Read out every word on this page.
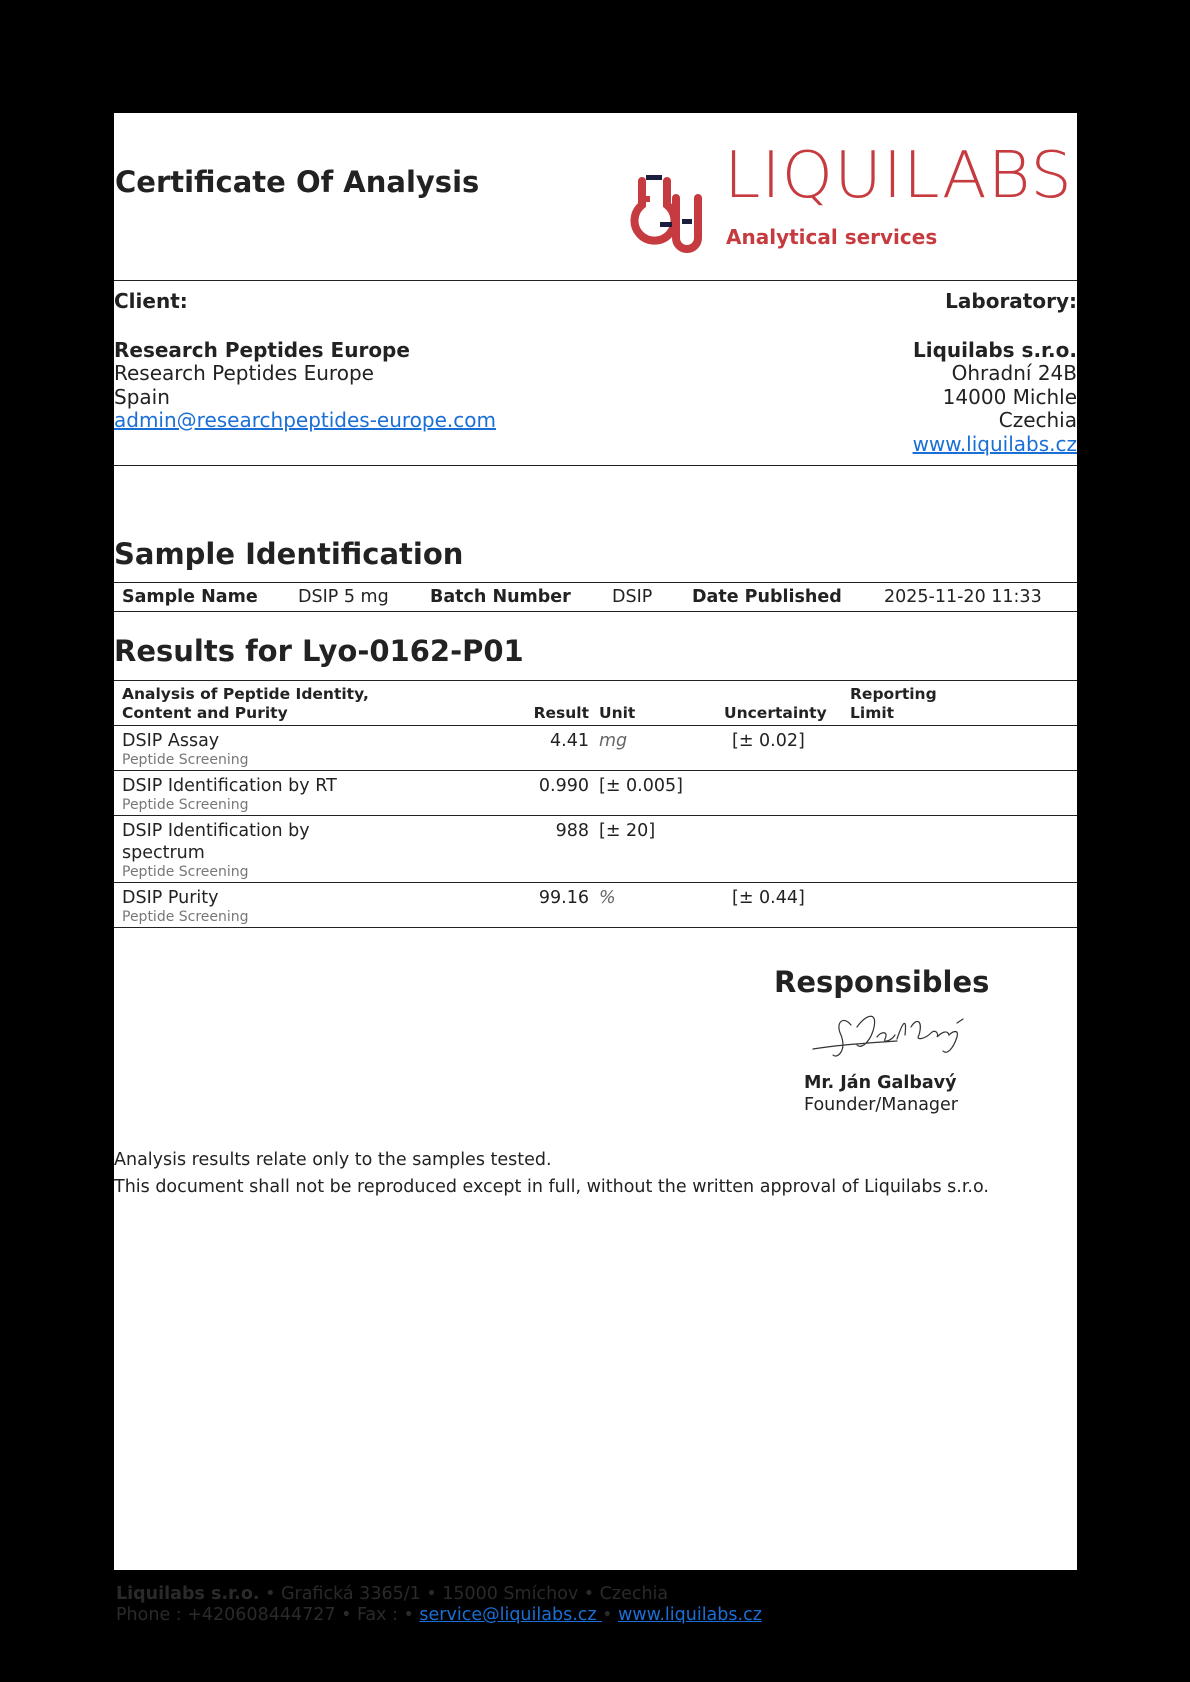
Certificate Of Analysis	LIQUILABS
Analytical services
Client:
Research Peptides Europe
Research Peptides Europe
Spain
admin@researchpeptides-europe.com
Laboratory:
Liquilabs s.r.o.
Ohradní 24B
14000 Michle
Czechia
www.liquilabs.cz
Sample Identification
Sample Name DSIP 5 mg Batch Number DSIP Date Published 2025-11-20 11:33
Results for Lyo-0162-P01
Analysis of Peptide Identity,
Content and Purity	Result	Unit	Uncertainty	Reporting
Limit
DSIP Assay
Peptide Screening	4.41	mg	[± 0.02]	
DSIP Identification by RT
Peptide Screening	0.990	[± 0.005]		
DSIP Identification by spectrum
Peptide Screening	988	[± 20]		
DSIP Purity
Peptide Screening	99.16	%	[± 0.44]	
Responsibles
Mr. Ján Galbavý
Founder/Manager

Analysis results relate only to the samples tested.

This document shall not be reproduced except in full, without the written approval of Liquilabs s.r.o.

Liquilabs s.r.o. • Grafická 3365/1 • 15000 Smíchov • Czechia
Phone : +420608444727 • Fax : • service@liquilabs.cz • www.liquilabs.cz
